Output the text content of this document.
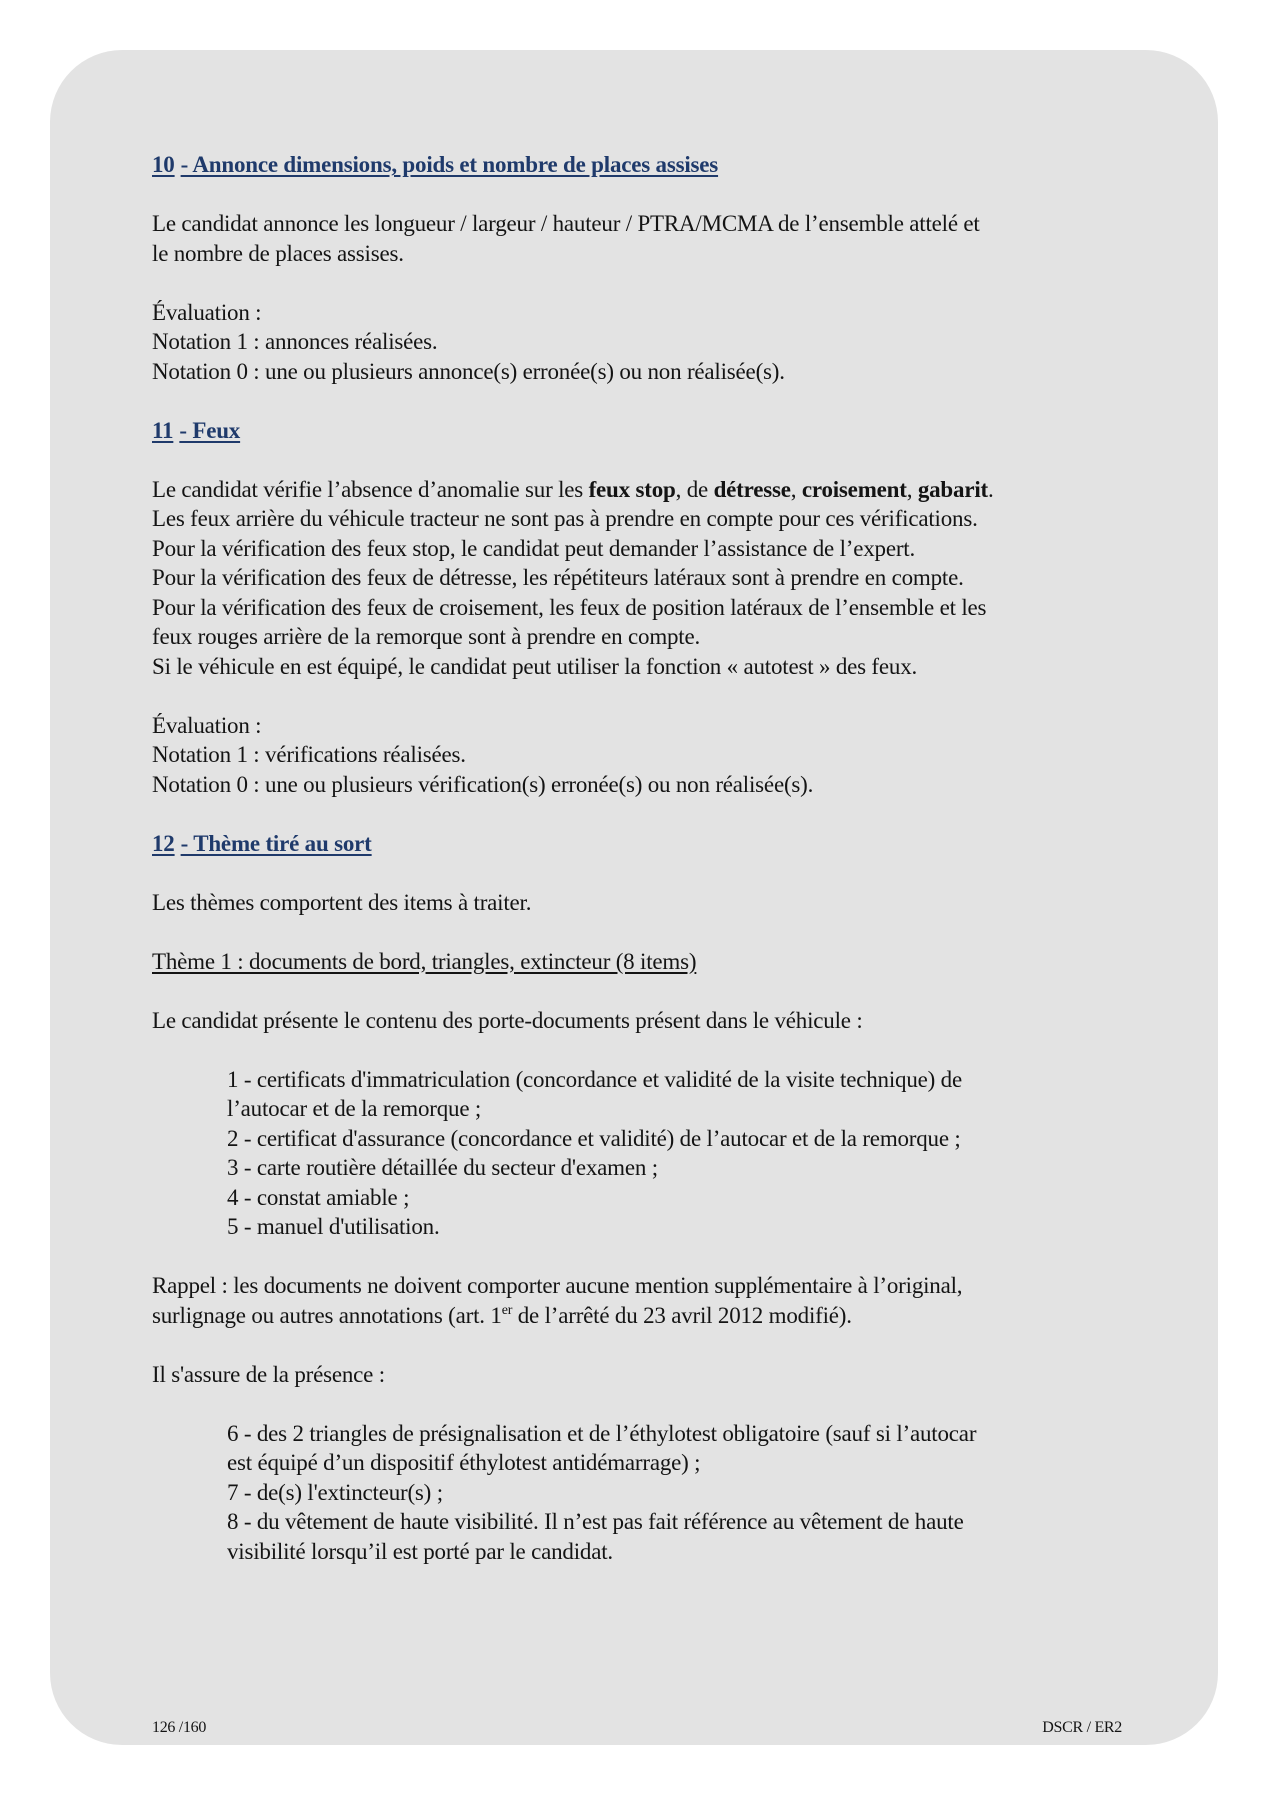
10 - Annonce dimensions, poids et nombre de places assises
Le candidat annonce les longueur / largeur / hauteur / PTRA/MCMA de l’ensemble attelé et
le nombre de places assises.
Évaluation :
Notation 1 : annonces réalisées.
Notation 0 : une ou plusieurs annonce(s) erronée(s) ou non réalisée(s).
11 - Feux
Le candidat vérifie l’absence d’anomalie sur les feux stop, de détresse, croisement, gabarit.
Les feux arrière du véhicule tracteur ne sont pas à prendre en compte pour ces vérifications.
Pour la vérification des feux stop, le candidat peut demander l’assistance de l’expert.
Pour la vérification des feux de détresse, les répétiteurs latéraux sont à prendre en compte.
Pour la vérification des feux de croisement, les feux de position latéraux de l’ensemble et les
feux rouges arrière de la remorque sont à prendre en compte.
Si le véhicule en est équipé, le candidat peut utiliser la fonction « autotest » des feux.
Évaluation :
Notation 1 : vérifications réalisées.
Notation 0 : une ou plusieurs vérification(s) erronée(s) ou non réalisée(s).
12 - Thème tiré au sort
Les thèmes comportent des items à traiter.
Thème 1 : documents de bord, triangles, extincteur (8 items)
Le candidat présente le contenu des porte-documents présent dans le véhicule :
1 - certificats d'immatriculation (concordance et validité de la visite technique) de
l’autocar et de la remorque ;
2 - certificat d'assurance (concordance et validité) de l’autocar et de la remorque ;
3 - carte routière détaillée du secteur d'examen ;
4 - constat amiable ;
5 - manuel d'utilisation.
Rappel : les documents ne doivent comporter aucune mention supplémentaire à l’original,
surlignage ou autres annotations (art. 1er de l’arrêté du 23 avril 2012 modifié).
Il s'assure de la présence :
6 - des 2 triangles de présignalisation et de l’éthylotest obligatoire (sauf si l’autocar
est équipé d’un dispositif éthylotest antidémarrage) ;
7 - de(s) l'extincteur(s) ;
8 - du vêtement de haute visibilité. Il n’est pas fait référence au vêtement de haute
visibilité lorsqu’il est porté par le candidat.
126 /160	DSCR / ER2
